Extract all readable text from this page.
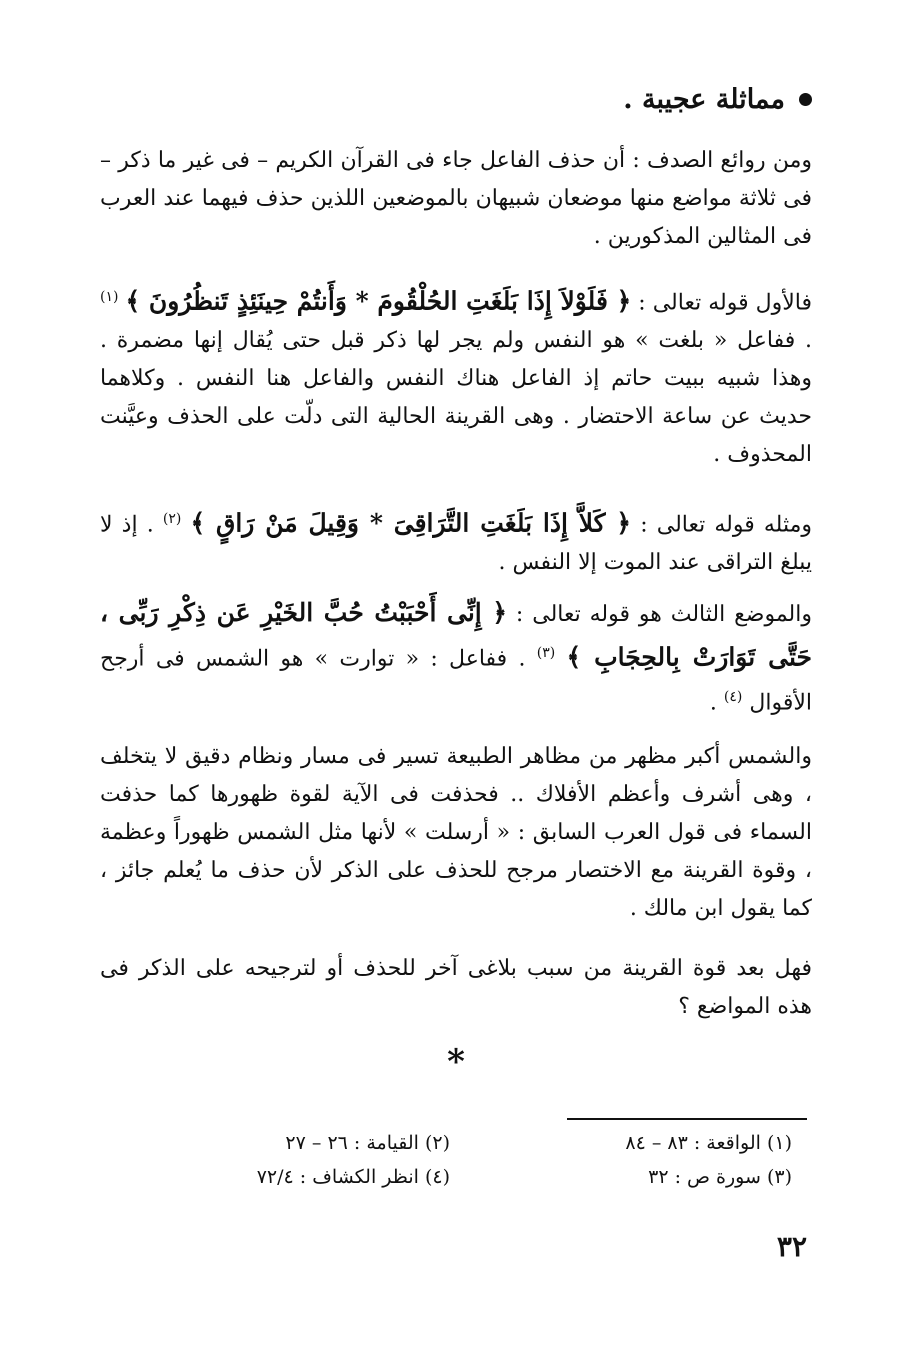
مماثلة عجيبة .

ومن روائع الصدف : أن حذف الفاعل جاء فى القرآن الكريم – فى غير ما ذكر – فى ثلاثة مواضع منها موضعان شبيهان بالموضعين اللذين حذف فيهما عند العرب فى المثالين المذكورين .

فالأول قوله تعالى : ﴿ فَلَوْلاَ إِذَا بَلَغَتِ الحُلْقُومَ * وَأَنتُمْ حِينَئِذٍ تَنظُرُونَ ﴾ $^{(١)}$ . ففاعل « بلغت » هو النفس ولم يجر لها ذكر قبل حتى يُقال إنها مضمرة . وهذا شبيه ببيت حاتم إذ الفاعل هناك النفس والفاعل هنا النفس . وكلاهما حديث عن ساعة الاحتضار . وهى القرينة الحالية التى دلّت على الحذف وعيَّنت المحذوف .

ومثله قوله تعالى : ﴿ كَلاَّ إِذَا بَلَغَتِ التَّرَاقِىَ * وَقِيلَ مَنْ رَاقٍ ﴾ $^{(٢)}$ . إذ لا يبلغ التراقى عند الموت إلا النفس .

والموضع الثالث هو قوله تعالى : ﴿ إِنِّى أَحْبَبْتُ حُبَّ الخَيْرِ عَن ذِكْرِ رَبِّى ، حَتَّى تَوَارَتْ بِالحِجَابِ ﴾ $^{(٣)}$ . ففاعل : « توارت » هو الشمس فى أرجح الأقوال $^{(٤)}$ .

والشمس أكبر مظهر من مظاهر الطبيعة تسير فى مسار ونظام دقيق لا يتخلف ، وهى أشرف وأعظم الأفلاك .. فحذفت فى الآية لقوة ظهورها كما حذفت السماء فى قول العرب السابق : « أرسلت » لأنها مثل الشمس ظهوراً وعظمة ، وقوة القرينة مع الاختصار مرجح للحذف على الذكر لأن حذف ما يُعلم جائز ، كما يقول ابن مالك .

فهل بعد قوة القرينة من سبب بلاغى آخر للحذف أو لترجيحه على الذكر فى هذه المواضع ؟

*
(١) الواقعة : ٨٣ – ٨٤
(٢) القيامة : ٢٦ – ٢٧
(٣) سورة ص : ٣٢
(٤) انظر الكشاف : ٧٢/٤
٣٢
